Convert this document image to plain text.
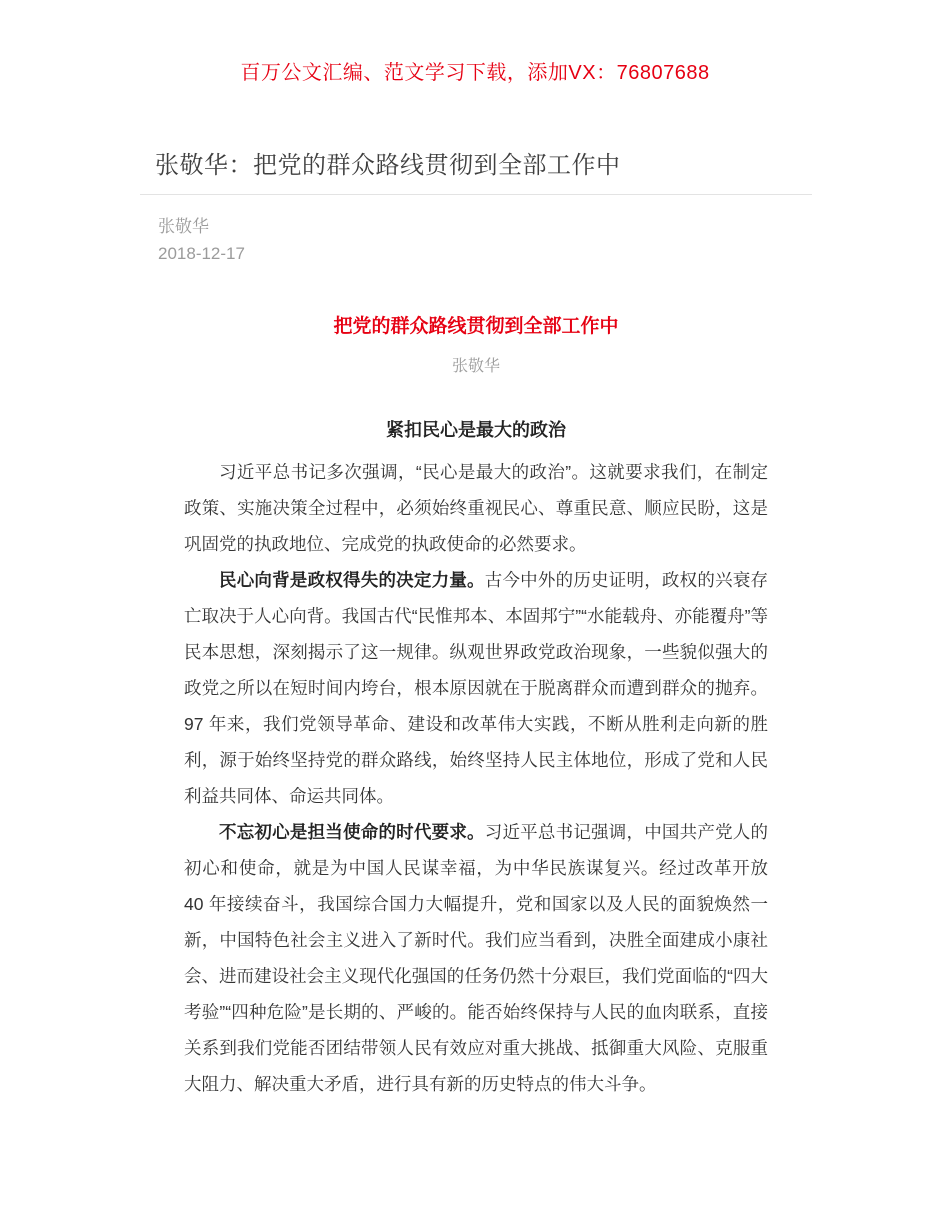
百万公文汇编、范文学习下载，添加VX：76807688
张敬华：把党的群众路线贯彻到全部工作中
张敬华
2018-12-17
把党的群众路线贯彻到全部工作中
张敬华
紧扣民心是最大的政治

习近平总书记多次强调，“民心是最大的政治”。这就要求我们，在制定政策、实施决策全过程中，必须始终重视民心、尊重民意、顺应民盼，这是巩固党的执政地位、完成党的执政使命的必然要求。

民心向背是政权得失的决定力量。古今中外的历史证明，政权的兴衰存亡取决于人心向背。我国古代“民惟邦本、本固邦宁”“水能载舟、亦能覆舟”等民本思想，深刻揭示了这一规律。纵观世界政党政治现象，一些貌似强大的政党之所以在短时间内垮台，根本原因就在于脱离群众而遭到群众的抛弃。97 年来，我们党领导革命、建设和改革伟大实践，不断从胜利走向新的胜利，源于始终坚持党的群众路线，始终坚持人民主体地位，形成了党和人民利益共同体、命运共同体。

不忘初心是担当使命的时代要求。习近平总书记强调，中国共产党人的初心和使命，就是为中国人民谋幸福，为中华民族谋复兴。经过改革开放 40 年接续奋斗，我国综合国力大幅提升，党和国家以及人民的面貌焕然一新，中国特色社会主义进入了新时代。我们应当看到，决胜全面建成小康社会、进而建设社会主义现代化强国的任务仍然十分艰巨，我们党面临的“四大考验”“四种危险”是长期的、严峻的。能否始终保持与人民的血肉联系，直接关系到我们党能否团结带领人民有效应对重大挑战、抵御重大风险、克服重大阻力、解决重大矛盾，进行具有新的历史特点的伟大斗争。
